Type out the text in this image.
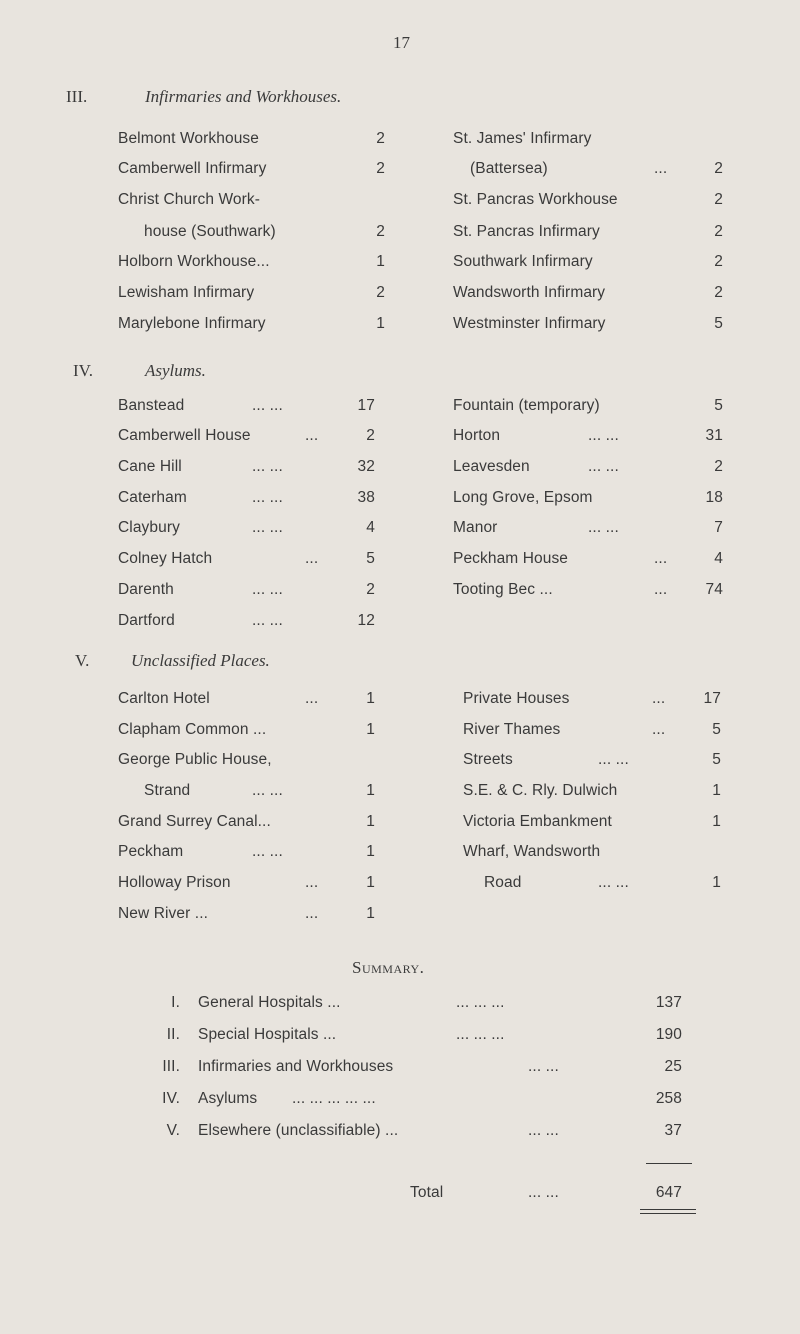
17
III.	Infirmaries and Workhouses.
Belmont Workhouse	2
Camberwell Infirmary	2
Christ Church Work-
house (Southwark)	2
Holborn Workhouse...	1
Lewisham Infirmary	2
Marylebone Infirmary	1
St. James' Infirmary
(Battersea)	...	2
St. Pancras Workhouse	2
St. Pancras Infirmary	2
Southwark Infirmary	2
Wandsworth Infirmary	2
Westminster Infirmary	5
IV.	Asylums.
Banstead	... ...	17
Camberwell House	...	2
Cane Hill	... ...	32
Caterham	... ...	38
Claybury	... ...	4
Colney Hatch	...	5
Darenth	... ...	2
Dartford	... ...	12
Fountain (temporary)	5
Horton	... ...	31
Leavesden	... ...	2
Long Grove, Epsom	18
Manor	... ...	7
Peckham House	...	4
Tooting Bec ...	...	74
V. Unclassified Places.
Carlton Hotel	...	1
Clapham Common ...	1
George Public House,
Strand	... ...	1
Grand Surrey Canal...	1
Peckham	... ...	1
Holloway Prison	...	1
New River ...	...	1
Private Houses	...	17
River Thames	...	5
Streets	... ...	5
S.E. & C. Rly. Dulwich	1
Victoria Embankment	1
Wharf, Wandsworth
Road	... ...	1
Summary.
I. General Hospitals ...	... ... ...	137
II. Special Hospitals ...	... ... ...	190
III. Infirmaries and Workhouses	... ...	25
IV. Asylums ... ... ... ... ...	258
V. Elsewhere (unclassifiable) ...	... ...	37
Total	... ...	647
